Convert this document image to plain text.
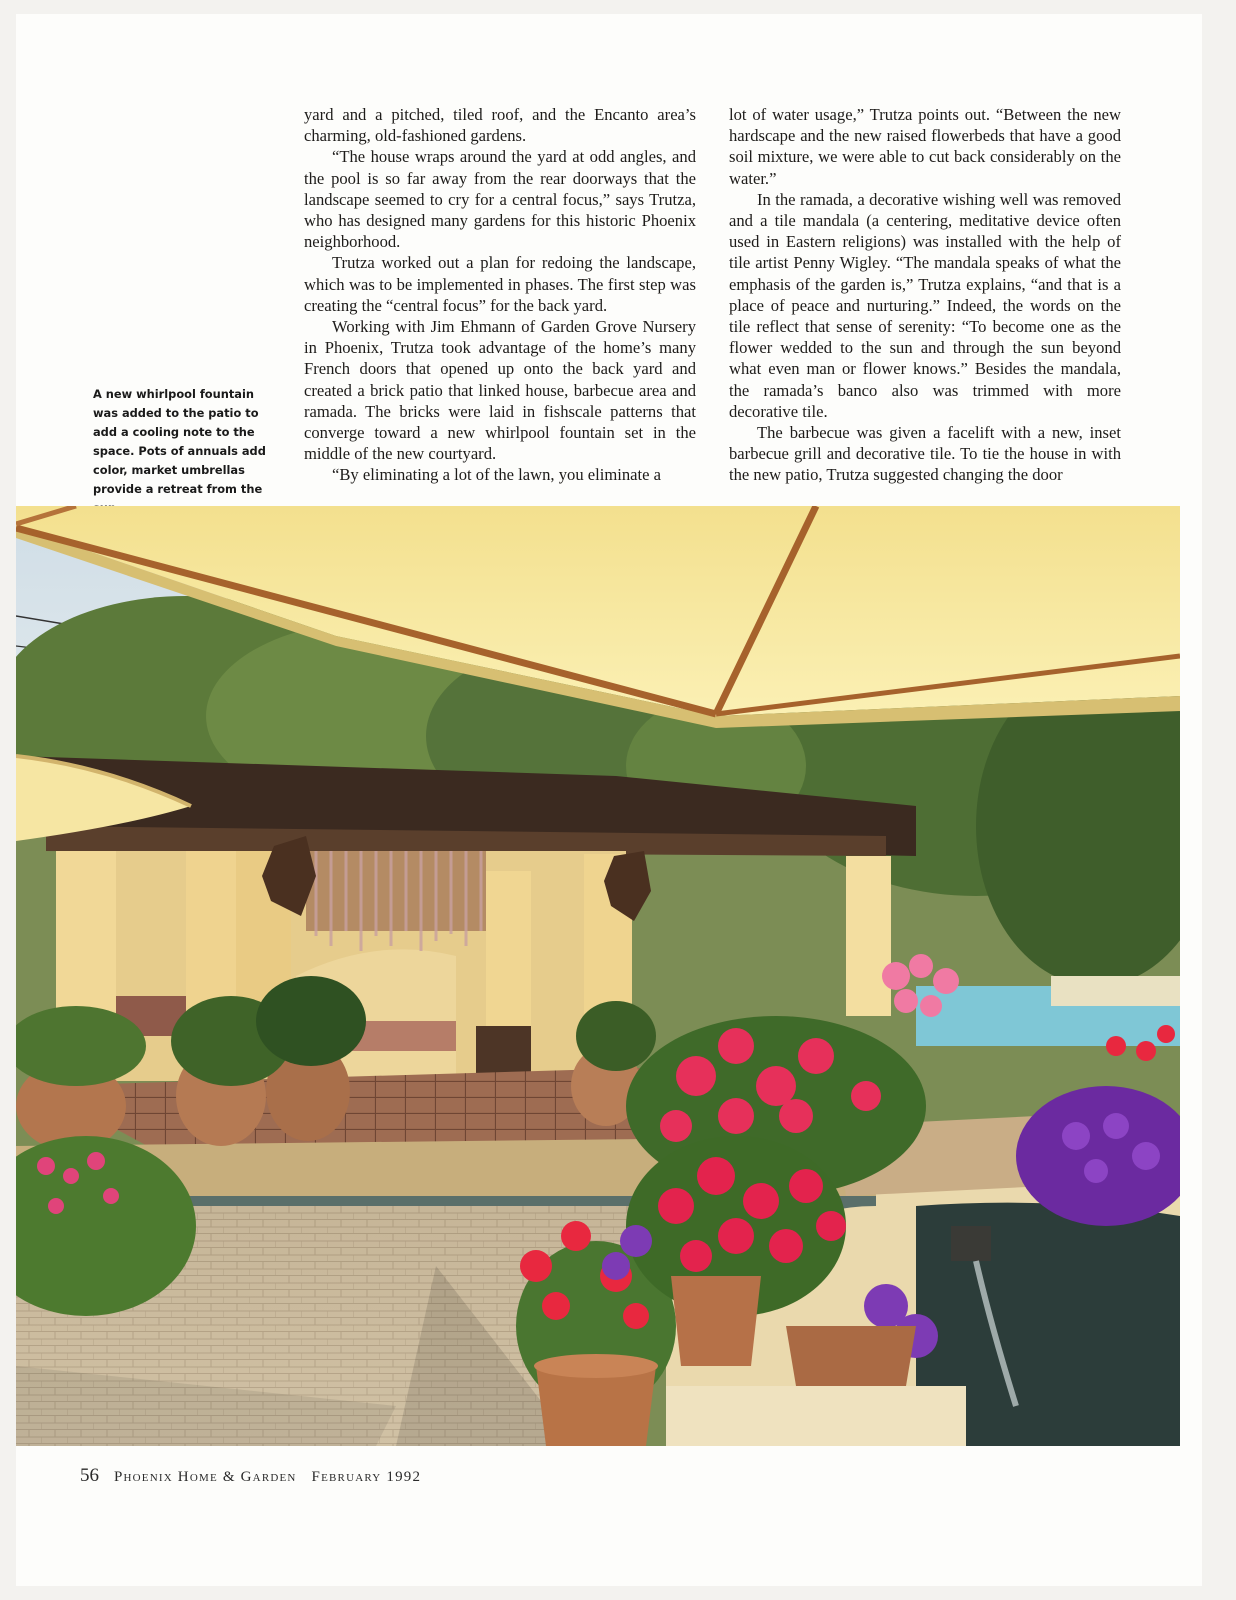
A new whirlpool fountain was added to the patio to add a cooling note to the space. Pots of annuals add color, market umbrellas provide a retreat from the

yard and a pitched, tiled roof, and the Encanto area’s charming, old-fashioned gardens.

“The house wraps around the yard at odd angles, and the pool is so far away from the rear doorways that the landscape seemed to cry for a central focus,” says Trutza, who has designed many gardens for this historic Phoenix neighborhood.

Trutza worked out a plan for redoing the landscape, which was to be implemented in phases. The first step was creating the “central focus” for the back yard.

Working with Jim Ehmann of Garden Grove Nursery in Phoenix, Trutza took advantage of the home’s many French doors that opened up onto the back yard and created a brick patio that linked house, barbecue area and ramada. The bricks were laid in fishscale patterns that converge toward a new whirlpool fountain set in the middle of the new courtyard.

“By eliminating a lot of the lawn, you eliminate a

lot of water usage,” Trutza points out. “Between the new hardscape and the new raised flowerbeds that have a good soil mixture, we were able to cut back considerably on the water.”

In the ramada, a decorative wishing well was removed and a tile mandala (a centering, meditative device often used in Eastern religions) was installed with the help of tile artist Penny Wigley. “The mandala speaks of what the emphasis of the garden is,” Trutza explains, “and that is a place of peace and nurturing.” Indeed, the words on the tile reflect that sense of serenity: “To become one as the flower wedded to the sun and through the sun beyond what even man or flower knows.” Besides the mandala, the ramada’s banco also was trimmed with more decorative tile.

The barbecue was given a facelift with a new, inset barbecue grill and decorative tile. To tie the house in with the new patio, Trutza suggested changing the door

56 Phoenix Home & Garden February 1992
